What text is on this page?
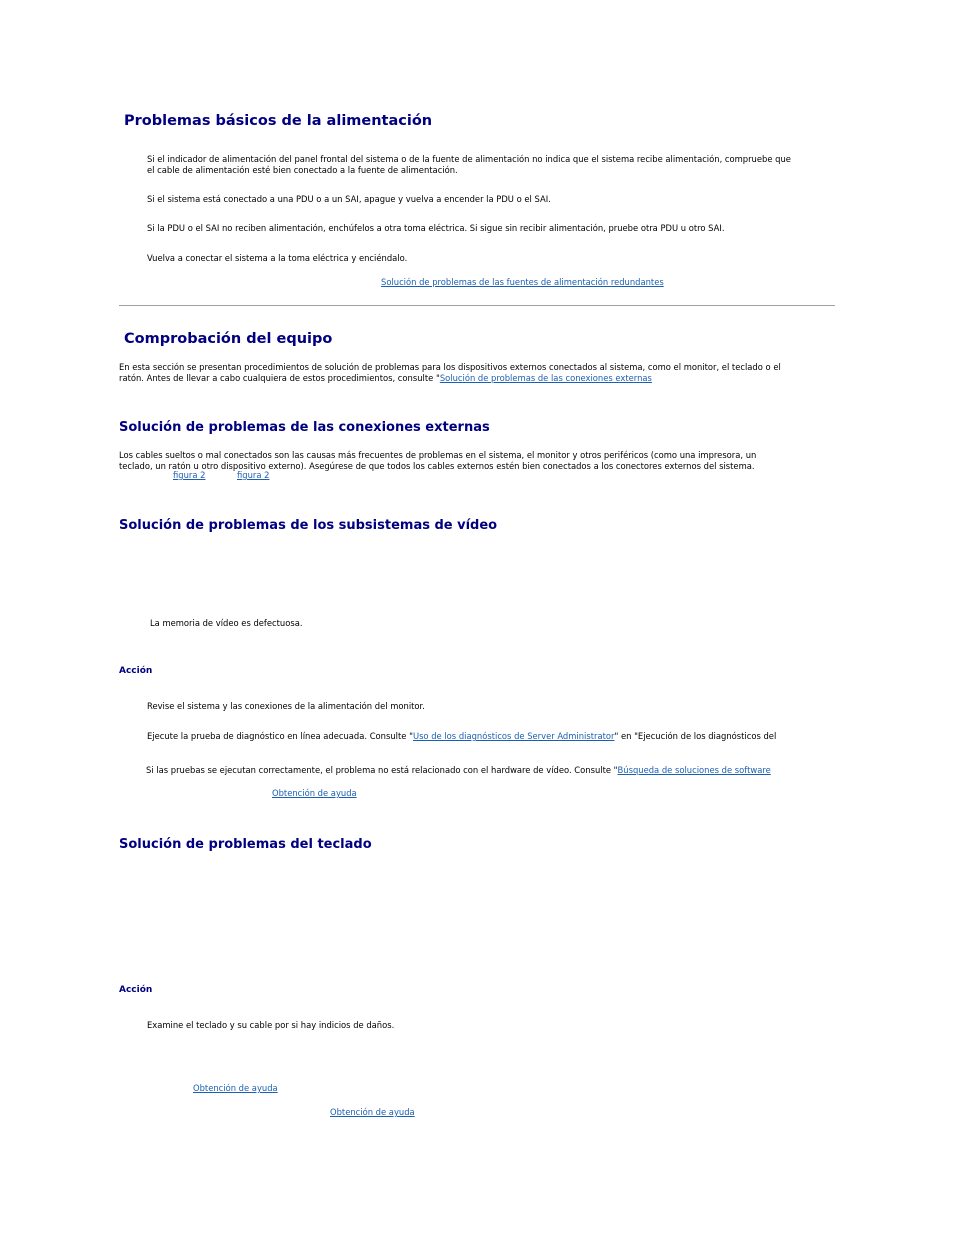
Problemas básicos de la alimentación
Si el indicador de alimentación del panel frontal del sistema o de la fuente de alimentación no indica que el sistema recibe alimentación, compruebe que
el cable de alimentación esté bien conectado a la fuente de alimentación.
Si el sistema está conectado a una PDU o a un SAI, apague y vuelva a encender la PDU o el SAI.
Si la PDU o el SAI no reciben alimentación, enchúfelos a otra toma eléctrica. Si sigue sin recibir alimentación, pruebe otra PDU u otro SAI.
Vuelva a conectar el sistema a la toma eléctrica y enciéndalo.
Solución de problemas de las fuentes de alimentación redundantes
Comprobación del equipo
En esta sección se presentan procedimientos de solución de problemas para los dispositivos externos conectados al sistema, como el monitor, el teclado o el
ratón. Antes de llevar a cabo cualquiera de estos procedimientos, consulte "Solución de problemas de las conexiones externas
Solución de problemas de las conexiones externas
Los cables sueltos o mal conectados son las causas más frecuentes de problemas en el sistema, el monitor y otros periféricos (como una impresora, un
teclado, un ratón u otro dispositivo externo). Asegúrese de que todos los cables externos estén bien conectados a los conectores externos del sistema.
figura 2	figura 2
Solución de problemas de los subsistemas de vídeo
La memoria de vídeo es defectuosa.
Acción
Revise el sistema y las conexiones de la alimentación del monitor.
Ejecute la prueba de diagnóstico en línea adecuada. Consulte "Uso de los diagnósticos de Server Administrator" en "Ejecución de los diagnósticos del
Si las pruebas se ejecutan correctamente, el problema no está relacionado con el hardware de vídeo. Consulte "Búsqueda de soluciones de software
Obtención de ayuda
Solución de problemas del teclado
Acción
Examine el teclado y su cable por si hay indicios de daños.
Obtención de ayuda
Obtención de ayuda
